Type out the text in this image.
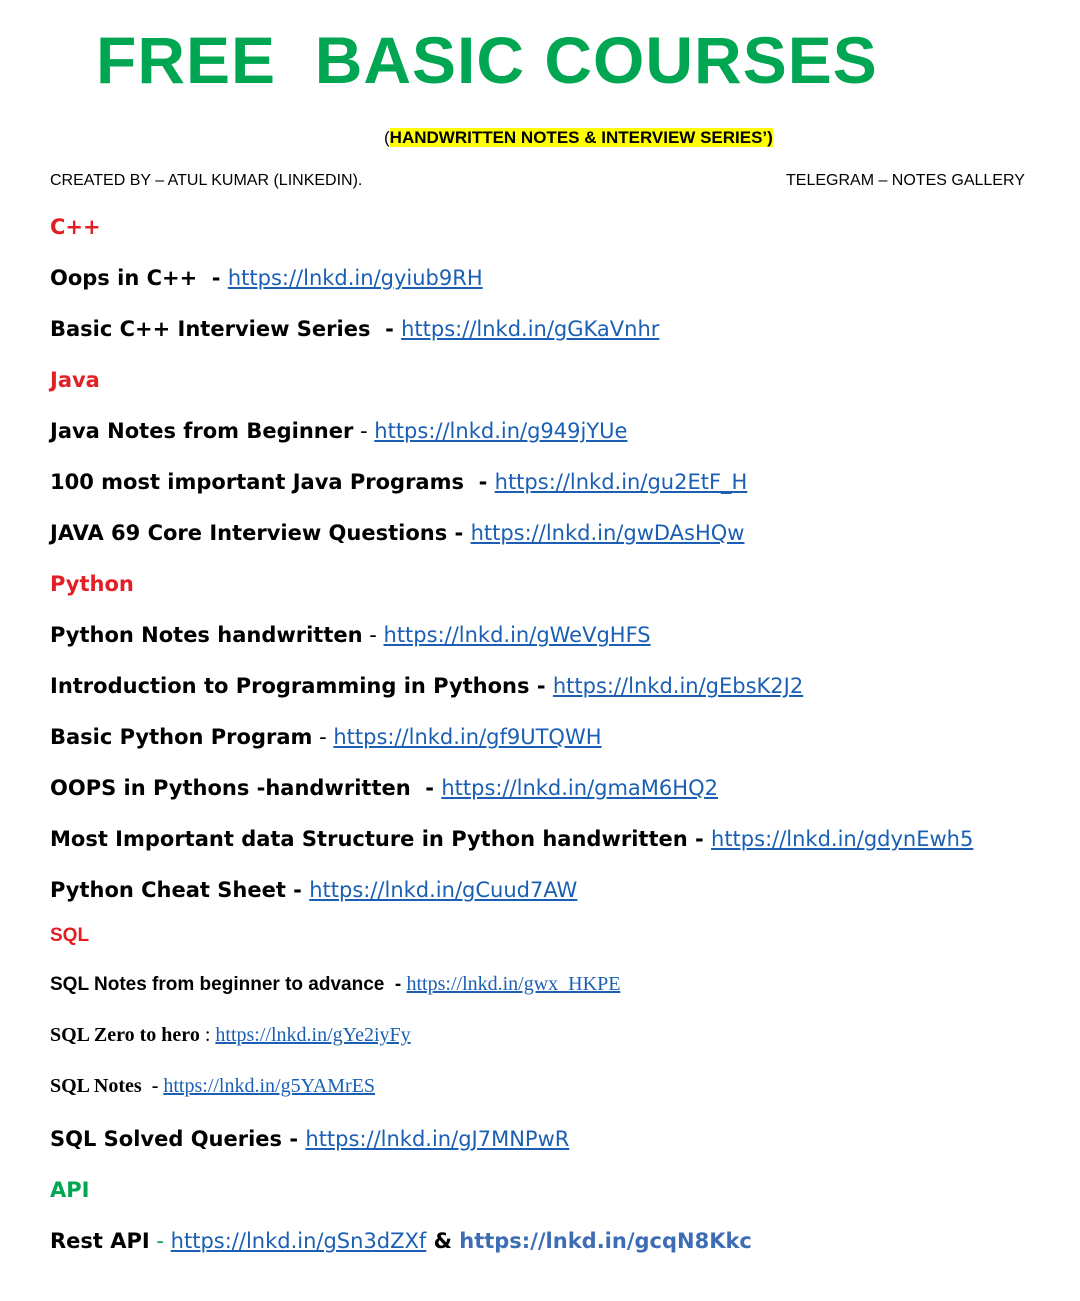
FREE  BASIC COURSES
(HANDWRITTEN NOTES & INTERVIEW SERIES’)
CREATED BY – ATUL KUMAR (LINKEDIN).	TELEGRAM – NOTES GALLERY
C++
Oops in C++  - https://lnkd.in/gyiub9RH
Basic C++ Interview Series  - https://lnkd.in/gGKaVnhr
Java
Java Notes from Beginner - https://lnkd.in/g949jYUe
100 most important Java Programs  - https://lnkd.in/gu2EtF_H
JAVA 69 Core Interview Questions - https://lnkd.in/gwDAsHQw
Python
Python Notes handwritten - https://lnkd.in/gWeVgHFS
Introduction to Programming in Pythons - https://lnkd.in/gEbsK2J2
Basic Python Program - https://lnkd.in/gf9UTQWH
OOPS in Pythons -handwritten  - https://lnkd.in/gmaM6HQ2
Most Important data Structure in Python handwritten - https://lnkd.in/gdynEwh5
Python Cheat Sheet - https://lnkd.in/gCuud7AW
SQL
SQL Notes from beginner to advance  - https://lnkd.in/gwx_HKPE
SQL Zero to hero : https://lnkd.in/gYe2iyFy
SQL Notes  - https://lnkd.in/g5YAMrES
SQL Solved Queries - https://lnkd.in/gJ7MNPwR
API
Rest API - https://lnkd.in/gSn3dZXf & https://lnkd.in/gcqN8Kkc
